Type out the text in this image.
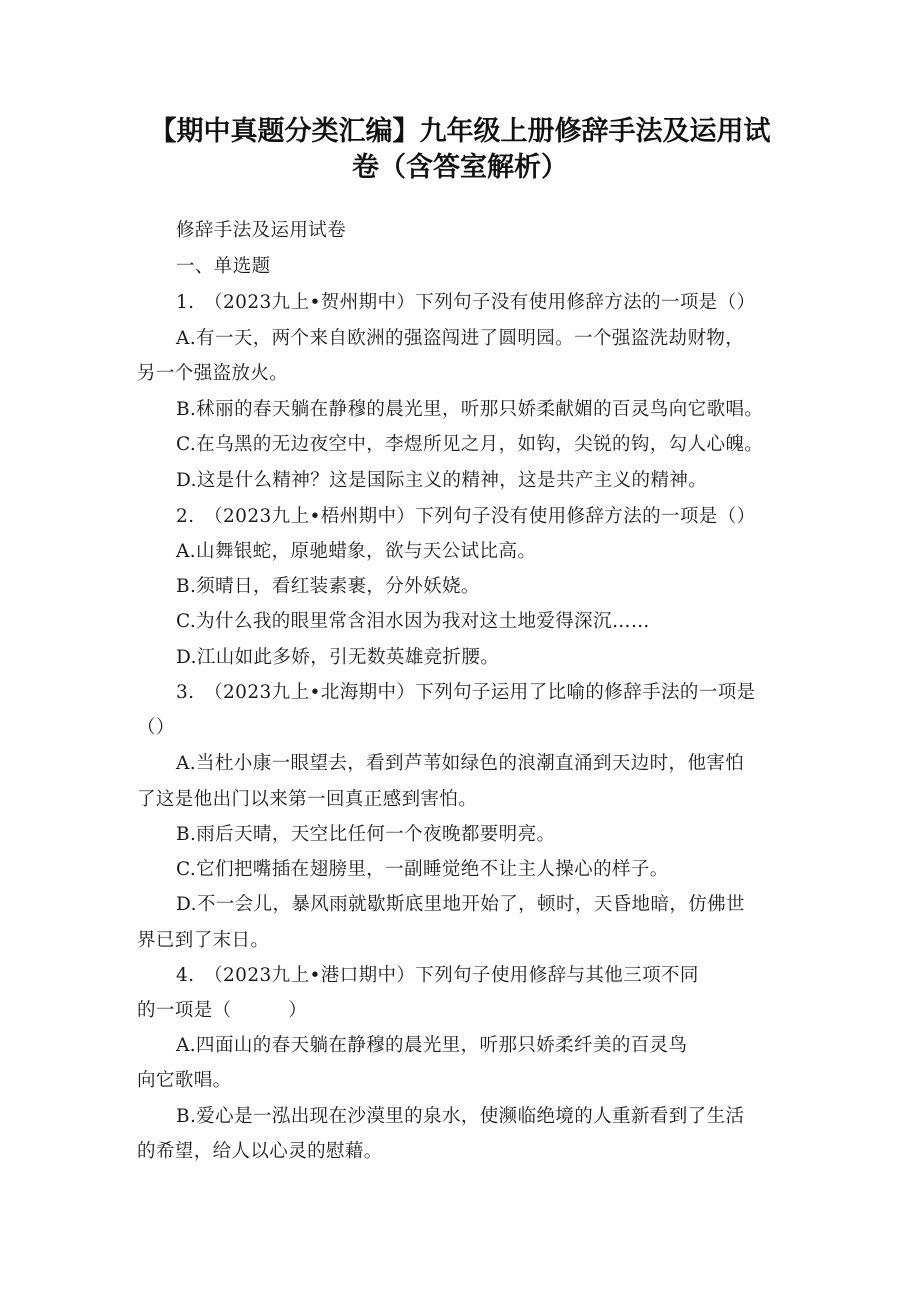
【期中真题分类汇编】九年级上册修辞手法及运用试
卷（含答室解析）
修辞手法及运用试卷
一、单选题
1.　（2023九上•贺州期中）下列句子没有使用修辞方法的一项是（）
A.有一天，两个来自欧洲的强盗闯进了圆明园。一个强盗洗劫财物，
另一个强盗放火。
B.秫丽的春天躺在静穆的晨光里，听那只娇柔献媚的百灵鸟向它歌唱。
C.在乌黑的无边夜空中，李煜所见之月，如钩，尖锐的钩，勾人心魄。
D.这是什么精神？这是国际主义的精神，这是共产主义的精神。
2.　（2023九上•梧州期中）下列句子没有使用修辞方法的一项是（）
A.山舞银蛇，原驰蜡象，欲与天公试比高。
B.须晴日，看红装素裹，分外妖娆。
C.为什么我的眼里常含泪水因为我对这土地爱得深沉……
D.江山如此多娇，引无数英雄竞折腰。
3.　（2023九上•北海期中）下列句子运用了比喻的修辞手法的一项是
（）
A.当杜小康一眼望去，看到芦苇如绿色的浪潮直涌到天边时，他害怕
了这是他出门以来第一回真正感到害怕。
B.雨后天晴，天空比任何一个夜晚都要明亮。
C.它们把嘴插在翅膀里，一副睡觉绝不让主人操心的样子。
D.不一会儿，暴风雨就歇斯底里地开始了，顿时，天昏地暗，仿佛世
界已到了末日。
4.　（2023九上•港口期中）下列句子使用修辞与其他三项不同
的一项是（　　　）
A.四面山的春天躺在静穆的晨光里，听那只娇柔纤美的百灵鸟
向它歌唱。
B.爱心是一泓出现在沙漠里的泉水，使濒临绝境的人重新看到了生活
的希望，给人以心灵的慰藉。
